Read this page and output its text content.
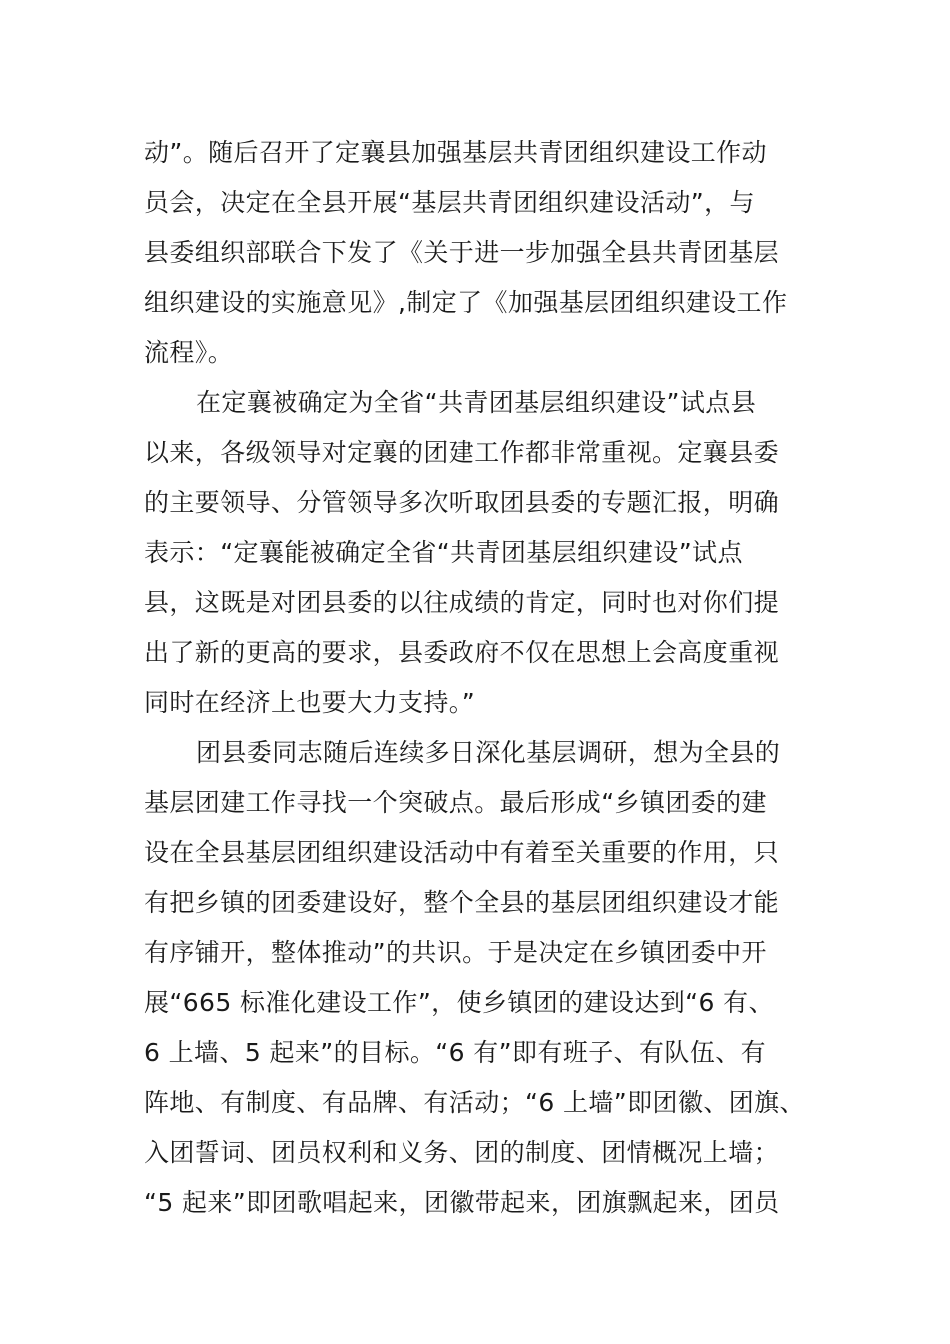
动”。随后召开了定襄县加强基层共青团组织建设工作动
员会，决定在全县开展“基层共青团组织建设活动”，与
县委组织部联合下发了《关于进一步加强全县共青团基层
组织建设的实施意见》,制定了《加强基层团组织建设工作
流程》。
在定襄被确定为全省“共青团基层组织建设”试点县
以来，各级领导对定襄的团建工作都非常重视。定襄县委
的主要领导、分管领导多次听取团县委的专题汇报，明确
表示：“定襄能被确定全省“共青团基层组织建设”试点
县，这既是对团县委的以往成绩的肯定，同时也对你们提
出了新的更高的要求，县委政府不仅在思想上会高度重视
同时在经济上也要大力支持。”
团县委同志随后连续多日深化基层调研，想为全县的
基层团建工作寻找一个突破点。最后形成“乡镇团委的建
设在全县基层团组织建设活动中有着至关重要的作用，只
有把乡镇的团委建设好，整个全县的基层团组织建设才能
有序铺开，整体推动”的共识。于是决定在乡镇团委中开
展“665 标准化建设工作”，使乡镇团的建设达到“6 有、
6 上墙、5 起来”的目标。“6 有”即有班子、有队伍、有
阵地、有制度、有品牌、有活动；“6 上墙”即团徽、团旗、
入团誓词、团员权利和义务、团的制度、团情概况上墙；
“5 起来”即团歌唱起来，团徽带起来，团旗飘起来，团员
